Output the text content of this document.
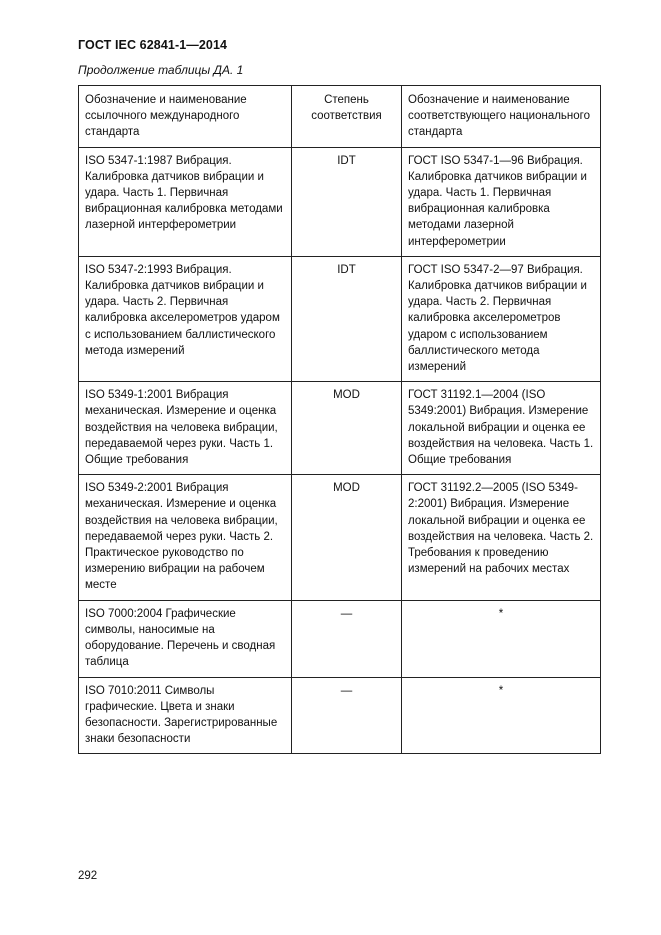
ГОСТ IEC 62841-1—2014
Продолжение таблицы ДА. 1
Обозначение и наименование ссылочного международного стандарта	Степень соответствия	Обозначение и наименование соответствующего национального стандарта

ISO 5347-1:1987 Вибрация. Калибровка датчиков вибрации и удара. Часть 1. Первичная вибрационная калибровка методами лазерной интерферометрии	IDT	ГОСТ ISO 5347-1—96 Вибрация. Калибровка датчиков вибрации и удара. Часть 1. Первичная вибрационная калибровка методами лазерной интерферометрии

ISO 5347-2:1993 Вибрация. Калибровка датчиков вибрации и удара. Часть 2. Первичная калибровка акселерометров ударом с использованием баллистического метода измерений	IDT	ГОСТ ISO 5347-2—97 Вибрация. Калибровка датчиков вибрации и удара. Часть 2. Первичная калибровка акселерометров ударом с использованием баллистического метода измерений

ISO 5349-1:2001 Вибрация механическая. Измерение и оценка воздействия на человека вибрации, передаваемой через руки. Часть 1. Общие требования	MOD	ГОСТ 31192.1—2004 (ISO 5349:2001) Вибрация. Измерение локальной вибрации и оценка ее воздействия на человека. Часть 1. Общие требования

ISO 5349-2:2001 Вибрация механическая. Измерение и оценка воздействия на человека вибрации, передаваемой через руки. Часть 2. Практическое руководство по измерению вибрации на рабочем месте	MOD	ГОСТ 31192.2—2005 (ISO 5349-2:2001) Вибрация. Измерение локальной вибрации и оценка ее воздействия на человека. Часть 2. Требования к проведению измерений на рабочих местах

ISO 7000:2004 Графические символы, наносимые на оборудование. Перечень и сводная таблица	—	*

ISO 7010:2011 Символы графические. Цвета и знаки безопасности. Зарегистрированные знаки безопасности	—	*
292
